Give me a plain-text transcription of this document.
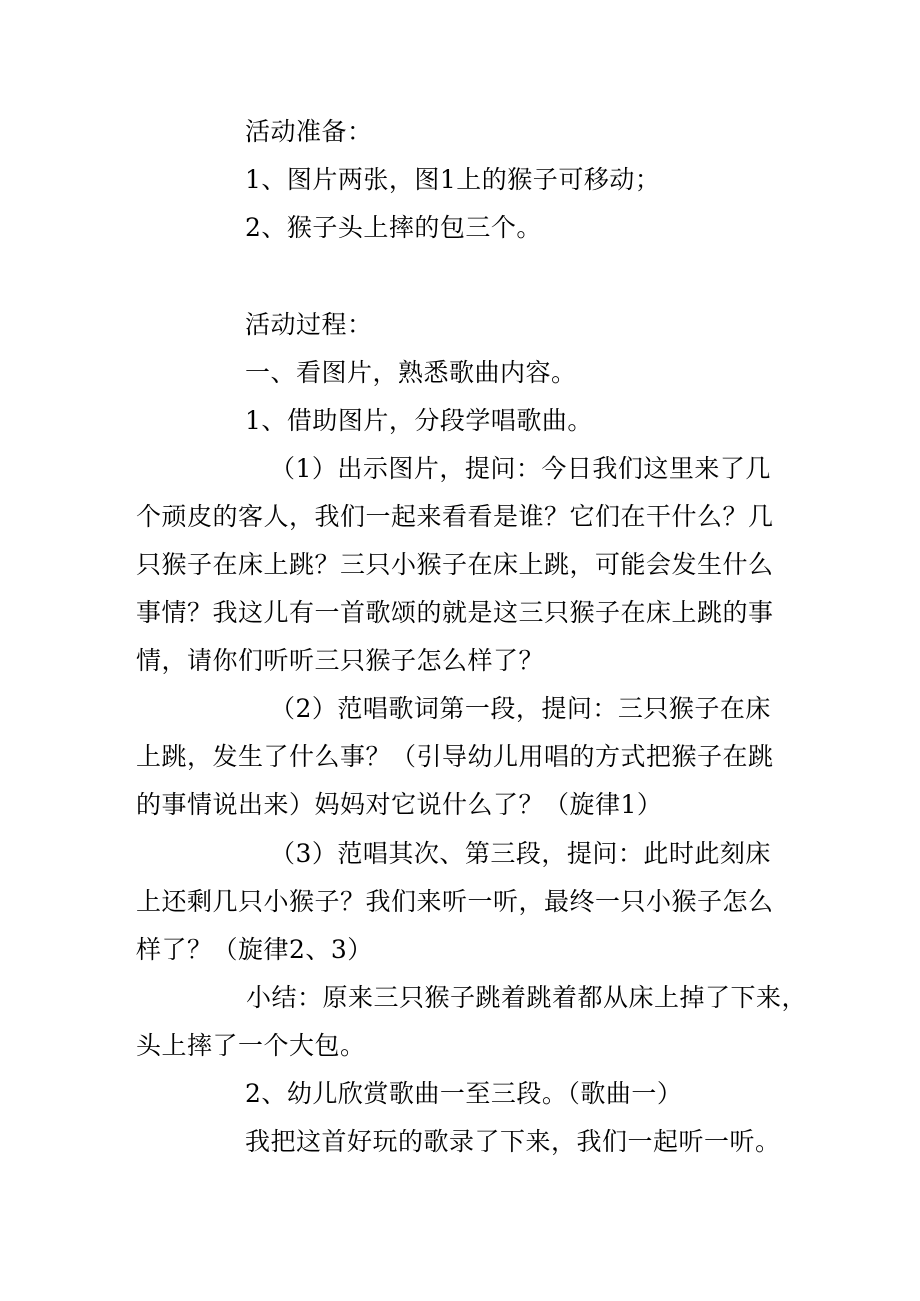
活动准备：

1、图片两张，图1上的猴子可移动；

2、猴子头上摔的包三个。

活动过程：

一、看图片，熟悉歌曲内容。

1、借助图片，分段学唱歌曲。

（1）出示图片，提问：今日我们这里来了几

个顽皮的客人，我们一起来看看是谁？它们在干什么？几

只猴子在床上跳？三只小猴子在床上跳，可能会发生什么

事情？我这儿有一首歌颂的就是这三只猴子在床上跳的事

情，请你们听听三只猴子怎么样了？

（2）范唱歌词第一段，提问：三只猴子在床

上跳，发生了什么事？（引导幼儿用唱的方式把猴子在跳

的事情说出来）妈妈对它说什么了？（旋律1）

（3）范唱其次、第三段，提问：此时此刻床

上还剩几只小猴子？我们来听一听，最终一只小猴子怎么

样了？（旋律2、3）

小结：原来三只猴子跳着跳着都从床上掉了下来，

头上摔了一个大包。

2、幼儿欣赏歌曲一至三段。（歌曲一）

我把这首好玩的歌录了下来，我们一起听一听。
